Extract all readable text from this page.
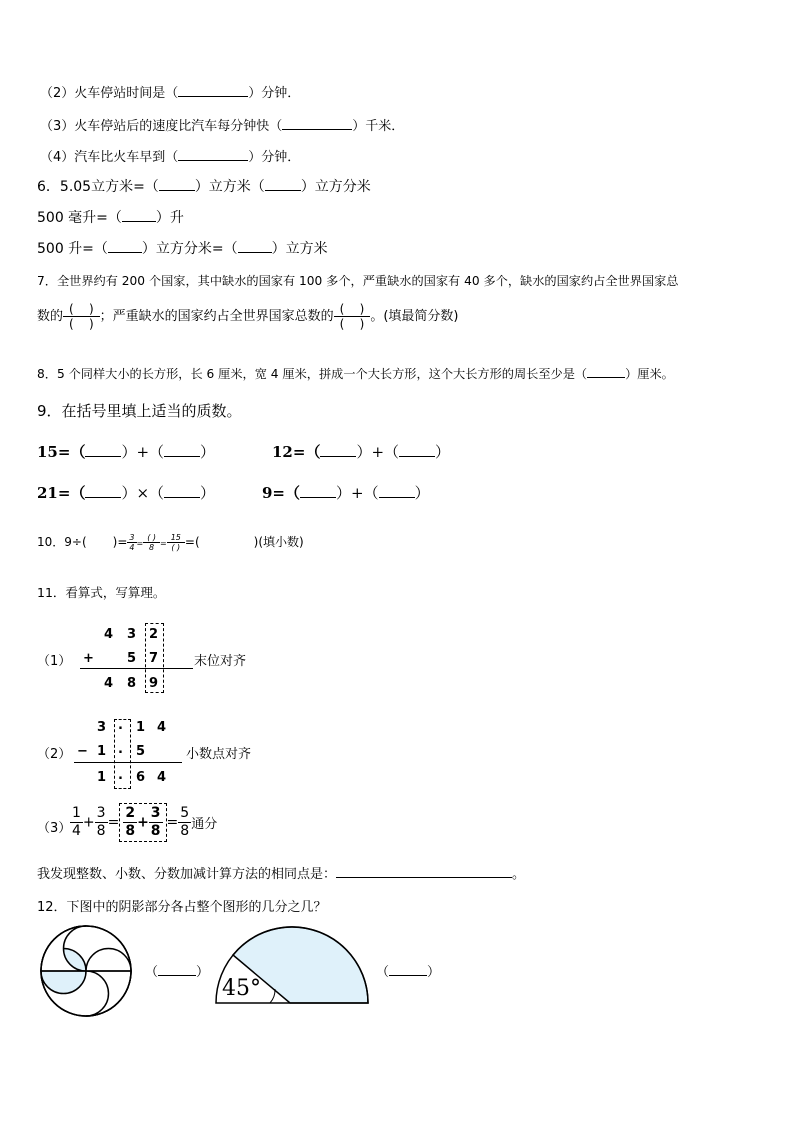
（2）火车停站时间是（	）分钟．
（3）火车停站后的速度比汽车每分钟快（	）千米．
（4）汽车比火车早到（	）分钟．
6．5.05立方米=（	）立方米（	）立方分米
500 毫升=（ ）升
500 升=（ ）立方分米=（ ）立方米
7．全世界约有 200 个国家，其中缺水的国家有 100 多个，严重缺水的国家有 40 多个，缺水的国家约占全世界国家总
数的 $\frac{( )}{( )}$ ；严重缺水的国家约占全世界国家总数的 $\frac{( )}{( )}$ 。(填最简分数)
8．5 个同样大小的长方形，长 6 厘米，宽 4 厘米，拼成一个大长方形，这个大长方形的周长至少是（	）厘米。
9．在括号里填上适当的质数。
15=（ ）+（ ）	12=（ ）+（ ）
21=（ ）×（ ）	9=（ ）+（ ）
10．9÷( )= $\frac{3}{4} = \frac{( )}{8} = \frac{15}{( )}$ =(	)(填小数)
11．看算式，写算理。
（1）
4 3 2
+	5 7
4 8 9
末位对齐
（2）
3 . 1 4
− 1 . 5
1 . 6 4
小数点对齐
（3）
$\frac{1}{4} + \frac{3}{8} = \frac{2}{8} + \frac{3}{8} = \frac{5}{8}$ 通分
我发现整数、小数、分数加减计算方法的相同点是：	。
12．下图中的阴影部分各占整个图形的几分之几？
（	）
45°
（	）
